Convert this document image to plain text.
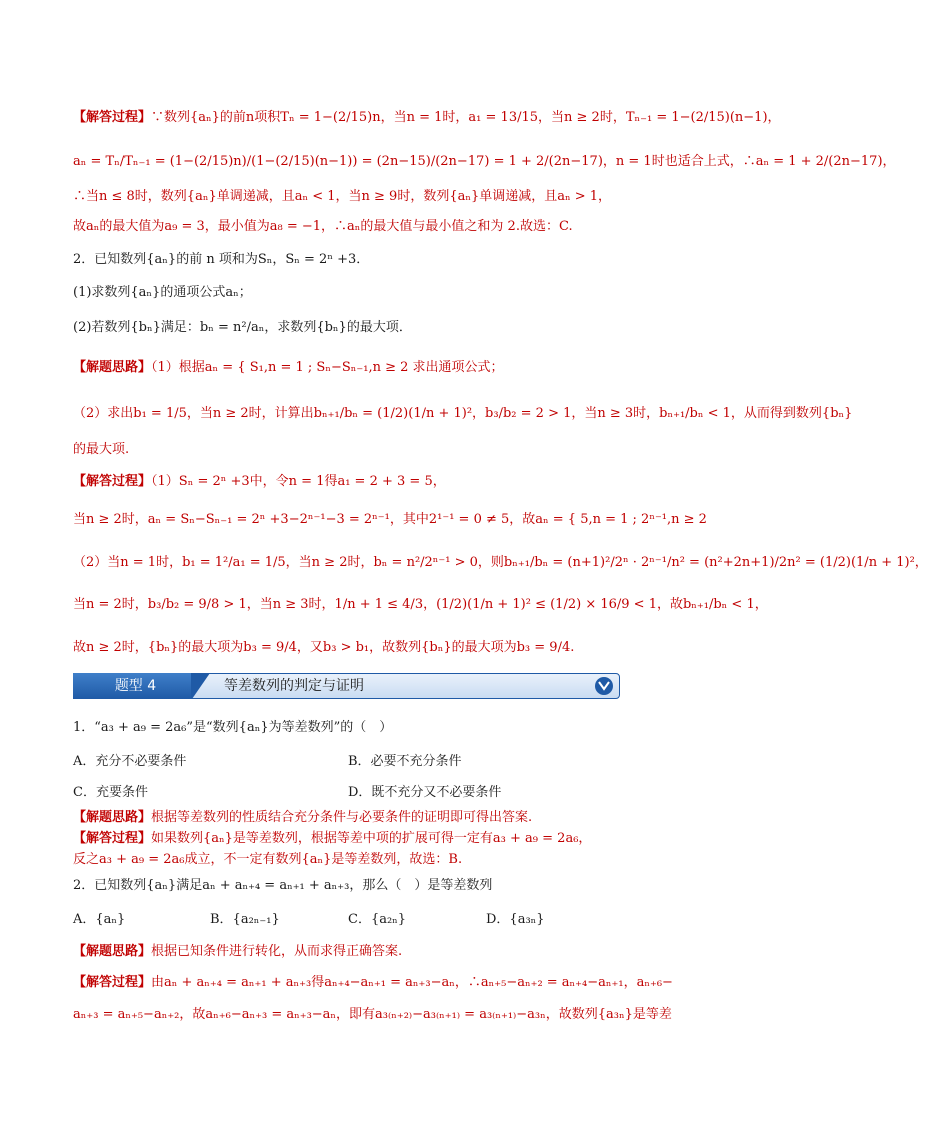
【解答过程】∵数列{aₙ}的前n项积Tₙ = 1−(2/15)n，当n = 1时，a₁ = 13/15，当n ≥ 2时，Tₙ₋₁ = 1−(2/15)(n−1)，
aₙ = Tₙ/Tₙ₋₁ = (1−(2/15)n)/(1−(2/15)(n−1)) = (2n−15)/(2n−17) = 1 + 2/(2n−17)，n = 1时也适合上式，∴aₙ = 1 + 2/(2n−17)，
∴当n ≤ 8时，数列{aₙ}单调递减，且aₙ < 1，当n ≥ 9时，数列{aₙ}单调递减，且aₙ > 1，
故aₙ的最大值为a₉ = 3，最小值为a₈ = −1，∴aₙ的最大值与最小值之和为 2.故选：C.
2．已知数列{aₙ}的前 n 项和为Sₙ，Sₙ = 2ⁿ +3．
(1)求数列{aₙ}的通项公式aₙ；
(2)若数列{bₙ}满足：bₙ = n²/aₙ，求数列{bₙ}的最大项．
【解题思路】（1）根据aₙ = { S₁,n = 1 ; Sₙ−Sₙ₋₁,n ≥ 2 求出通项公式；
（2）求出b₁ = 1/5，当n ≥ 2时，计算出bₙ₊₁/bₙ = (1/2)(1/n + 1)²，b₃/b₂ = 2 > 1，当n ≥ 3时，bₙ₊₁/bₙ < 1，从而得到数列{bₙ}
的最大项.
【解答过程】（1）Sₙ = 2ⁿ +3中，令n = 1得a₁ = 2 + 3 = 5，
当n ≥ 2时，aₙ = Sₙ−Sₙ₋₁ = 2ⁿ +3−2ⁿ⁻¹−3 = 2ⁿ⁻¹，其中2¹⁻¹ = 0 ≠ 5，故aₙ = { 5,n = 1 ; 2ⁿ⁻¹,n ≥ 2
（2）当n = 1时，b₁ = 1²/a₁ = 1/5，当n ≥ 2时，bₙ = n²/2ⁿ⁻¹ > 0，则bₙ₊₁/bₙ = (n+1)²/2ⁿ · 2ⁿ⁻¹/n² = (n²+2n+1)/2n² = (1/2)(1/n + 1)²，
当n = 2时，b₃/b₂ = 9/8 > 1，当n ≥ 3时，1/n + 1 ≤ 4/3，(1/2)(1/n + 1)² ≤ (1/2) × 16/9 < 1，故bₙ₊₁/bₙ < 1，
故n ≥ 2时，{bₙ}的最大项为b₃ = 9/4，又b₃ > b₁，故数列{bₙ}的最大项为b₃ = 9/4.
1．“a₃ + a₉ = 2a₆”是“数列{aₙ}为等差数列”的（　）
【解题思路】根据等差数列的性质结合充分条件与必要条件的证明即可得出答案.
【解答过程】如果数列{aₙ}是等差数列，根据等差中项的扩展可得一定有a₃ + a₉ = 2a₆，
反之a₃ + a₉ = 2a₆成立，不一定有数列{aₙ}是等差数列，故选：B.
2．已知数列{aₙ}满足aₙ + aₙ₊₄ = aₙ₊₁ + aₙ₊₃，那么（　）是等差数列
【解题思路】根据已知条件进行转化，从而求得正确答案.
【解答过程】由aₙ + aₙ₊₄ = aₙ₊₁ + aₙ₊₃得aₙ₊₄−aₙ₊₁ = aₙ₊₃−aₙ，∴aₙ₊₅−aₙ₊₂ = aₙ₊₄−aₙ₊₁，aₙ₊₆−
aₙ₊₃ = aₙ₊₅−aₙ₊₂，故aₙ₊₆−aₙ₊₃ = aₙ₊₃−aₙ，即有a₃₍ₙ₊₂₎−a₃₍ₙ₊₁₎ = a₃₍ₙ₊₁₎−a₃ₙ，故数列{a₃ₙ}是等差
A．充分不必要条件	B．必要不充分条件
C．充要条件	D．既不充分又不必要条件
A．{aₙ}	B．{a₂ₙ₋₁}	C．{a₂ₙ}	D．{a₃ₙ}
题型 4	等差数列的判定与证明
